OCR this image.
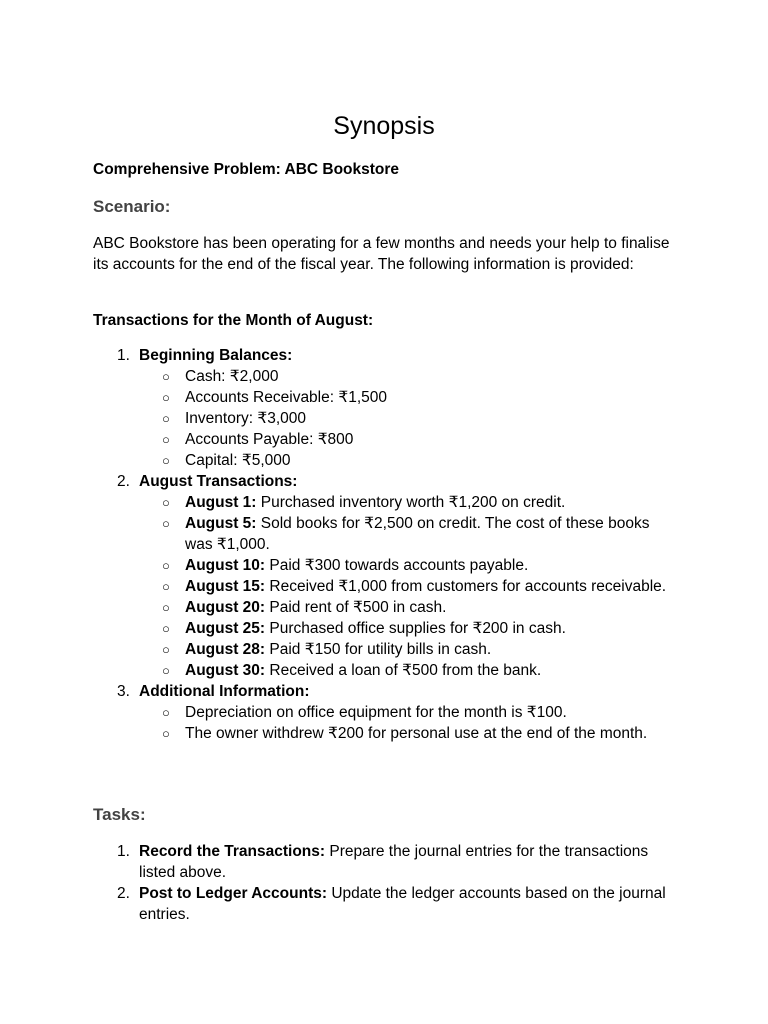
Synopsis
Comprehensive Problem: ABC Bookstore
Scenario:

ABC Bookstore has been operating for a few months and needs your help to finalise its accounts for the end of the fiscal year. The following information is provided:

Transactions for the Month of August:
1. Beginning Balances:
○ Cash: ₹2,000
○ Accounts Receivable: ₹1,500
○ Inventory: ₹3,000
○ Accounts Payable: ₹800
○ Capital: ₹5,000
2. August Transactions:
○ August 1: Purchased inventory worth ₹1,200 on credit.
○ August 5: Sold books for ₹2,500 on credit. The cost of these books was ₹1,000.
○ August 10: Paid ₹300 towards accounts payable.
○ August 15: Received ₹1,000 from customers for accounts receivable.
○ August 20: Paid rent of ₹500 in cash.
○ August 25: Purchased office supplies for ₹200 in cash.
○ August 28: Paid ₹150 for utility bills in cash.
○ August 30: Received a loan of ₹500 from the bank.
3. Additional Information:
○ Depreciation on office equipment for the month is ₹100.
○ The owner withdrew ₹200 for personal use at the end of the month.
Tasks:
1. Record the Transactions: Prepare the journal entries for the transactions listed above.
2. Post to Ledger Accounts: Update the ledger accounts based on the journal entries.
